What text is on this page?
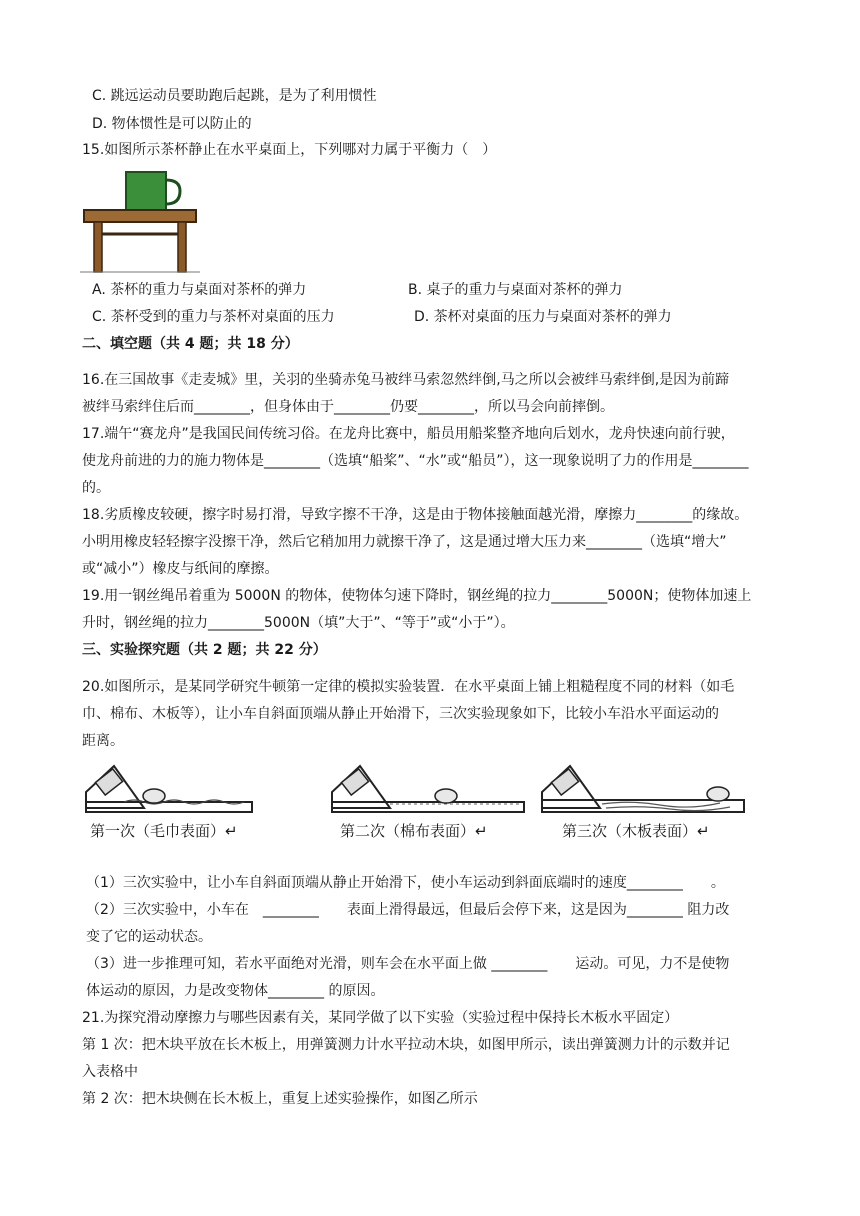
C. 跳远运动员要助跑后起跳，是为了利用惯性
D. 物体惯性是可以防止的
15.如图所示茶杯静止在水平桌面上，下列哪对力属于平衡力（　）
A. 茶杯的重力与桌面对茶杯的弹力	B. 桌子的重力与桌面对茶杯的弹力
C. 茶杯受到的重力与茶杯对桌面的压力	D. 茶杯对桌面的压力与桌面对茶杯的弹力
二、填空题（共 4 题；共 18 分）
16.在三国故事《走麦城》里，关羽的坐骑赤兔马被绊马索忽然绊倒,马之所以会被绊马索绊倒,是因为前蹄
被绊马索绊住后而________，但身体由于________仍要________，所以马会向前摔倒。
17.端午“赛龙舟”是我国民间传统习俗。在龙舟比赛中，船员用船桨整齐地向后划水，龙舟快速向前行驶，
使龙舟前进的力的施力物体是________（选填“船桨”、“水”或“船员”），这一现象说明了力的作用是________
的。
18.劣质橡皮较硬，擦字时易打滑，导致字擦不干净，这是由于物体接触面越光滑，摩擦力________的缘故。
小明用橡皮轻轻擦字没擦干净，然后它稍加用力就擦干净了，这是通过增大压力来________（选填“增大”
或“减小”）橡皮与纸间的摩擦。
19.用一钢丝绳吊着重为 5000N 的物体，使物体匀速下降时，钢丝绳的拉力________5000N；使物体加速上
升时，钢丝绳的拉力________5000N（填”大于”、“等于”或“小于”）。
三、实验探究题（共 2 题；共 22 分）
20.如图所示，是某同学研究牛顿第一定律的模拟实验装置．在水平桌面上铺上粗糙程度不同的材料（如毛
巾、棉布、木板等），让小车自斜面顶端从静止开始滑下，三次实验现象如下，比较小车沿水平面运动的
距离。
第一次（毛巾表面）↵	第二次（棉布表面）↵	第三次（木板表面）↵
（1）三次实验中，让小车自斜面顶端从静止开始滑下，使小车运动到斜面底端时的速度________　　。
（2）三次实验中，小车在　________　　表面上滑得最远，但最后会停下来，这是因为________ 阻力改
变了它的运动状态。
（3）进一步推理可知，若水平面绝对光滑，则车会在水平面上做 ________　　运动。可见，力不是使物
体运动的原因，力是改变物体________ 的原因。
21.为探究滑动摩擦力与哪些因素有关，某同学做了以下实验（实验过程中保持长木板水平固定）
第 1 次：把木块平放在长木板上，用弹簧测力计水平拉动木块，如图甲所示，读出弹簧测力计的示数并记
入表格中
第 2 次：把木块侧在长木板上，重复上述实验操作，如图乙所示
